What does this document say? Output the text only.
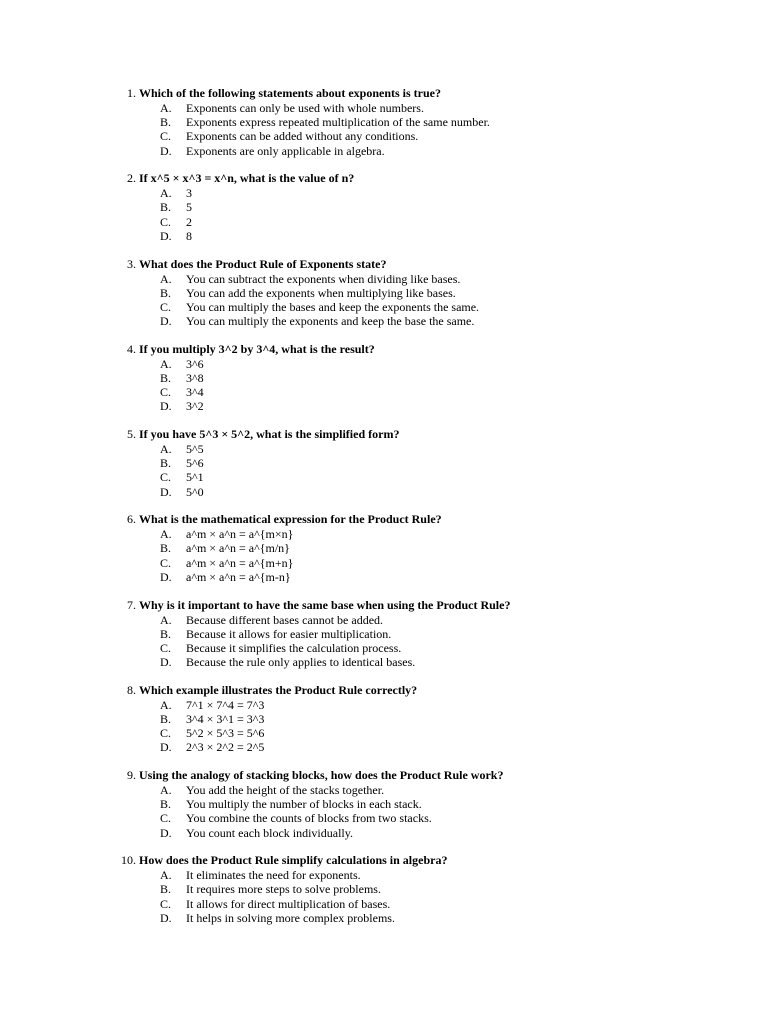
1. Which of the following statements about exponents is true?
A.	Exponents can only be used with whole numbers.
B.	Exponents express repeated multiplication of the same number.
C.	Exponents can be added without any conditions.
D.	Exponents are only applicable in algebra.
2. If x^5 × x^3 = x^n, what is the value of n?
A.	3
B.	5
C.	2
D.	8
3. What does the Product Rule of Exponents state?
A.	You can subtract the exponents when dividing like bases.
B.	You can add the exponents when multiplying like bases.
C.	You can multiply the bases and keep the exponents the same.
D.	You can multiply the exponents and keep the base the same.
4. If you multiply 3^2 by 3^4, what is the result?
A.	3^6
B.	3^8
C.	3^4
D.	3^2
5. If you have 5^3 × 5^2, what is the simplified form?
A.	5^5
B.	5^6
C.	5^1
D.	5^0
6. What is the mathematical expression for the Product Rule?
A.	a^m × a^n = a^{m×n}
B.	a^m × a^n = a^{m/n}
C.	a^m × a^n = a^{m+n}
D.	a^m × a^n = a^{m-n}
7. Why is it important to have the same base when using the Product Rule?
A.	Because different bases cannot be added.
B.	Because it allows for easier multiplication.
C.	Because it simplifies the calculation process.
D.	Because the rule only applies to identical bases.
8. Which example illustrates the Product Rule correctly?
A.	7^1 × 7^4 = 7^3
B.	3^4 × 3^1 = 3^3
C.	5^2 × 5^3 = 5^6
D.	2^3 × 2^2 = 2^5
9. Using the analogy of stacking blocks, how does the Product Rule work?
A.	You add the height of the stacks together.
B.	You multiply the number of blocks in each stack.
C.	You combine the counts of blocks from two stacks.
D.	You count each block individually.
10. How does the Product Rule simplify calculations in algebra?
A.	It eliminates the need for exponents.
B.	It requires more steps to solve problems.
C.	It allows for direct multiplication of bases.
D.	It helps in solving more complex problems.
